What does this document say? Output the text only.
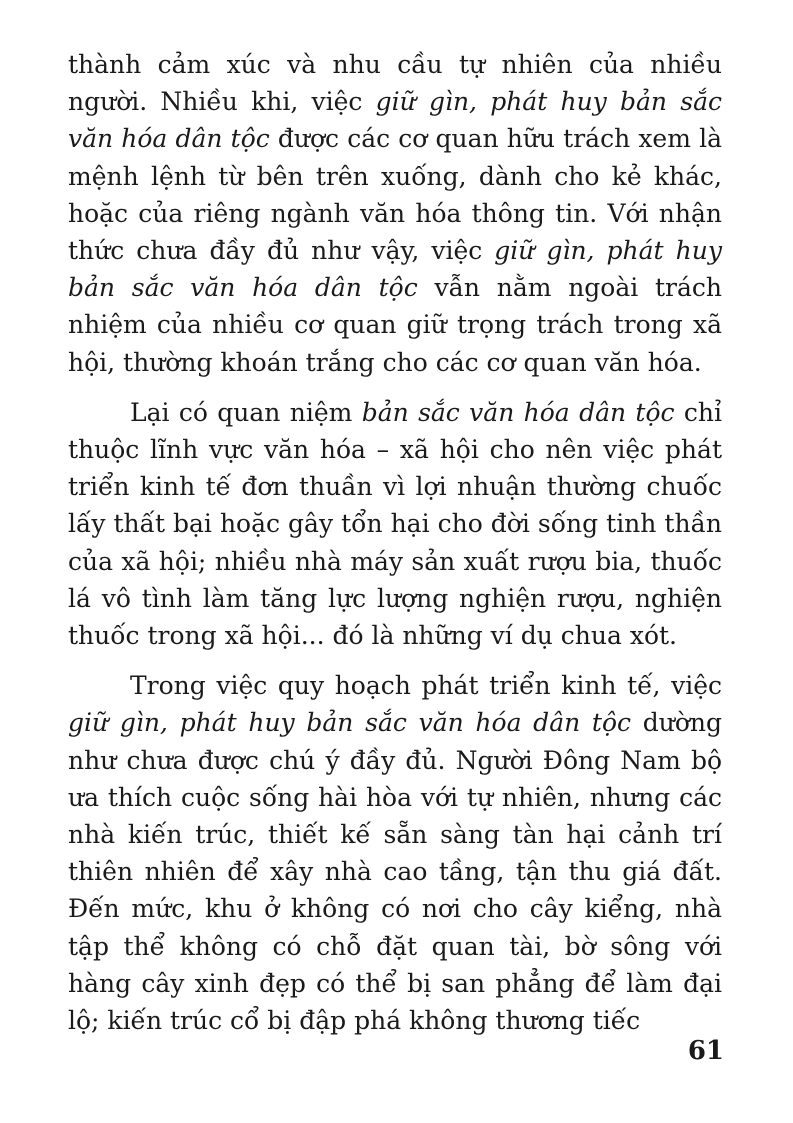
thành cảm xúc và nhu cầu tự nhiên của nhiều người. Nhiều khi, việc giữ gìn, phát huy bản sắc văn hóa dân tộc được các cơ quan hữu trách xem là mệnh lệnh từ bên trên xuống, dành cho kẻ khác, hoặc của riêng ngành văn hóa thông tin. Với nhận thức chưa đầy đủ như vậy, việc giữ gìn, phát huy bản sắc văn hóa dân tộc vẫn nằm ngoài trách nhiệm của nhiều cơ quan giữ trọng trách trong xã hội, thường khoán trắng cho các cơ quan văn hóa.

Lại có quan niệm bản sắc văn hóa dân tộc chỉ thuộc lĩnh vực văn hóa – xã hội cho nên việc phát triển kinh tế đơn thuần vì lợi nhuận thường chuốc lấy thất bại hoặc gây tổn hại cho đời sống tinh thần của xã hội; nhiều nhà máy sản xuất rượu bia, thuốc lá vô tình làm tăng lực lượng nghiện rượu, nghiện thuốc trong xã hội... đó là những ví dụ chua xót.

Trong việc quy hoạch phát triển kinh tế, việc giữ gìn, phát huy bản sắc văn hóa dân tộc dường như chưa được chú ý đầy đủ. Người Đông Nam bộ ưa thích cuộc sống hài hòa với tự nhiên, nhưng các nhà kiến trúc, thiết kế sẵn sàng tàn hại cảnh trí thiên nhiên để xây nhà cao tầng, tận thu giá đất. Đến mức, khu ở không có nơi cho cây kiểng, nhà tập thể không có chỗ đặt quan tài, bờ sông với hàng cây xinh đẹp có thể bị san phẳng để làm đại lộ; kiến trúc cổ bị đập phá không thương tiếc

61
